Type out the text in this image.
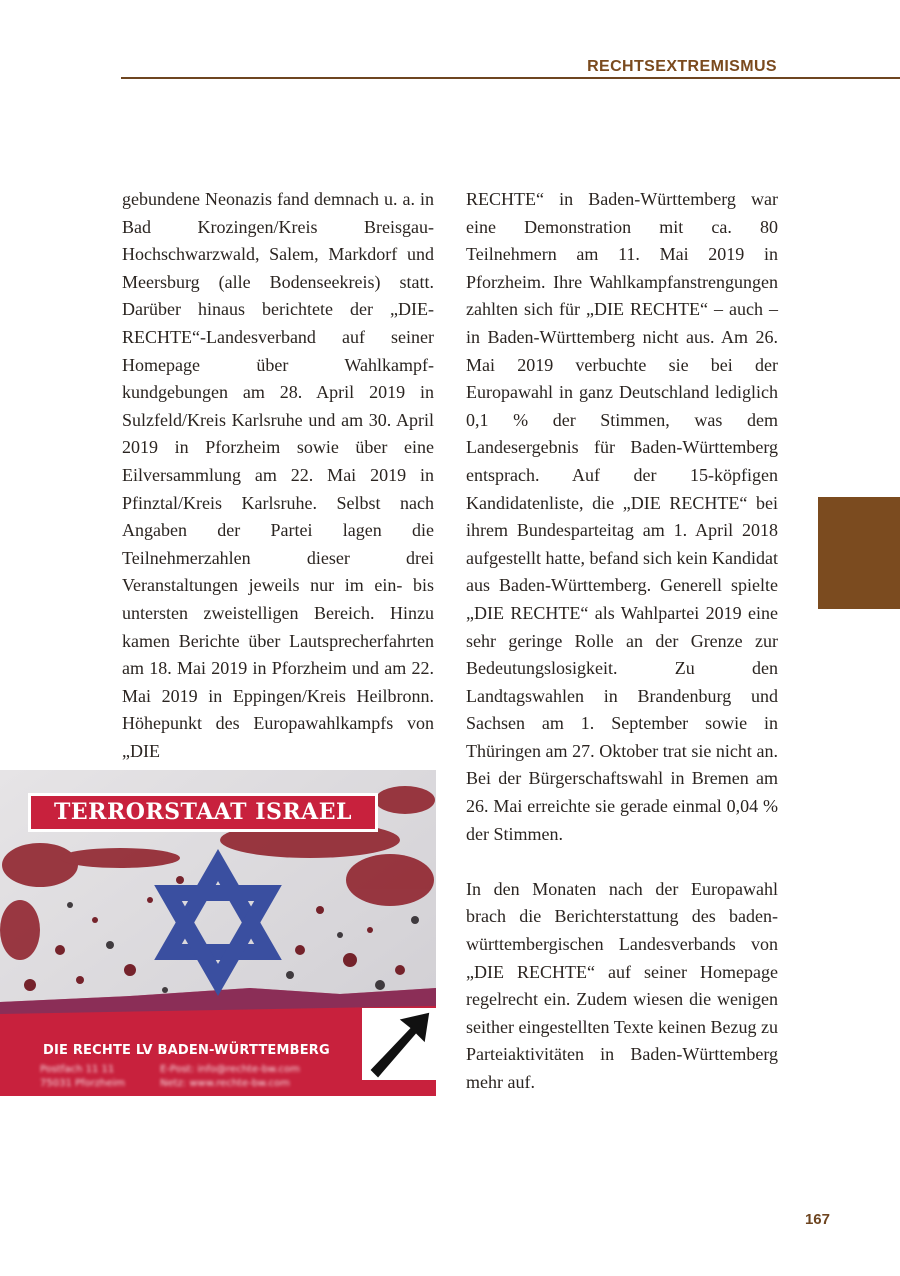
RECHTSEXTREMISMUS

gebundene Neonazis fand demnach u. a. in Bad Krozingen/Kreis Breisgau-Hochschwarzwald, Salem, Markdorf und Meersburg (alle Bodenseekreis) statt. Darüber hinaus berichtete der „DIE-RECHTE“-Landesverband auf seiner Homepage über Wahlkampf-kundgebungen am 28. April 2019 in Sulzfeld/Kreis Karlsruhe und am 30. April 2019 in Pforzheim sowie über eine Eilversammlung am 22. Mai 2019 in Pfinztal/Kreis Karlsruhe. Selbst nach Angaben der Partei lagen die Teilnehmerzahlen dieser drei Veranstaltungen jeweils nur im ein- bis untersten zweistelligen Bereich. Hinzu kamen Berichte über Lautsprecherfahrten am 18. Mai 2019 in Pforzheim und am 22. Mai 2019 in Eppingen/Kreis Heilbronn. Höhepunkt des Europawahlkampfs von „DIE

RECHTE“ in Baden-Württemberg war eine Demonstration mit ca. 80 Teilnehmern am 11. Mai 2019 in Pforzheim. Ihre Wahlkampfanstrengungen zahlten sich für „DIE RECHTE“ – auch – in Baden-Württemberg nicht aus. Am 26. Mai 2019 verbuchte sie bei der Europawahl in ganz Deutschland lediglich 0,1 % der Stimmen, was dem Landesergebnis für Baden-Württemberg entsprach. Auf der 15-köpfigen Kandidatenliste, die „DIE RECHTE“ bei ihrem Bundesparteitag am 1. April 2018 aufgestellt hatte, befand sich kein Kandidat aus Baden-Württemberg. Generell spielte „DIE RECHTE“ als Wahlpartei 2019 eine sehr geringe Rolle an der Grenze zur Bedeutungslosigkeit. Zu den Landtagswahlen in Brandenburg und Sachsen am 1. September sowie in Thüringen am 27. Oktober trat sie nicht an. Bei der Bürgerschaftswahl in Bremen am 26. Mai erreichte sie gerade einmal 0,04 % der Stimmen.

In den Monaten nach der Europawahl brach die Berichterstattung des baden-württembergischen Landesverbands von „DIE RECHTE“ auf seiner Homepage regelrecht ein. Zudem wiesen die wenigen seither eingestellten Texte keinen Bezug zu Parteiaktivitäten in Baden-Württemberg mehr auf.

TERRORSTAAT ISRAEL
DIE RECHTE LV BADEN-WÜRTTEMBERG
Postfach 11 11
75031 Pforzheim
E-Post: info@rechte-bw.com
Netz: www.rechte-bw.com
167
